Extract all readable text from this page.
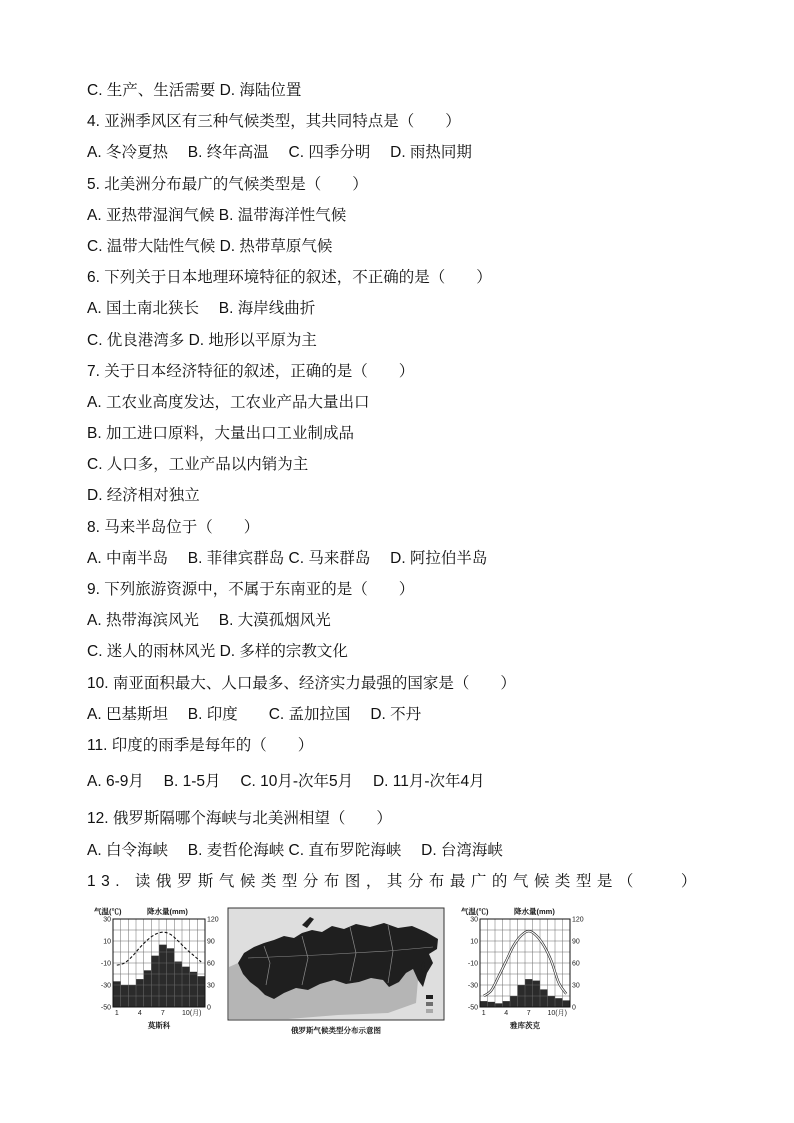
C. 生产、生活需要 D. 海陆位置
4. 亚洲季风区有三种气候类型，其共同特点是（　　）
A. 冬冷夏热　 B. 终年高温　 C. 四季分明　 D. 雨热同期
5. 北美洲分布最广的气候类型是（　　）
A. 亚热带湿润气候 B. 温带海洋性气候
C. 温带大陆性气候 D. 热带草原气候
6. 下列关于日本地理环境特征的叙述，不正确的是（　　）
A. 国土南北狭长　 B. 海岸线曲折
C. 优良港湾多 D. 地形以平原为主
7. 关于日本经济特征的叙述，正确的是（　　）
A. 工农业高度发达，工农业产品大量出口
B. 加工进口原料，大量出口工业制成品
C. 人口多，工业产品以内销为主
D. 经济相对独立
8. 马来半岛位于（　　）
A. 中南半岛　 B. 菲律宾群岛 C. 马来群岛　 D. 阿拉伯半岛
9. 下列旅游资源中，不属于东南亚的是（　　）
A. 热带海滨风光　 B. 大漠孤烟风光
C. 迷人的雨林风光 D. 多样的宗教文化
10. 南亚面积最大、人口最多、经济实力最强的国家是（　　）
A. 巴基斯坦　 B. 印度　　C. 孟加拉国　 D. 不丹
11. 印度的雨季是每年的（　　）
A. 6-9月　 B. 1-5月　 C. 10月-次年5月　 D. 11月-次年4月
12. 俄罗斯隔哪个海峡与北美洲相望（　　）
A. 白令海峡　 B. 麦哲伦海峡 C. 直布罗陀海峡　 D. 台湾海峡
13. 读俄罗斯气候类型分布图，其分布最广的气候类型是（　　）
气温(℃)	降水量(mm)
莫斯科
30
10
-10
-30
-50
120
90
60
30
0
1	4	7 10(月)
俄罗斯气候类型分布示意图
气温(℃)	降水量(mm)
雅库茨克
30
10
-10
-30
-50
120
90
60
30
0
1	4	7 10(月)
